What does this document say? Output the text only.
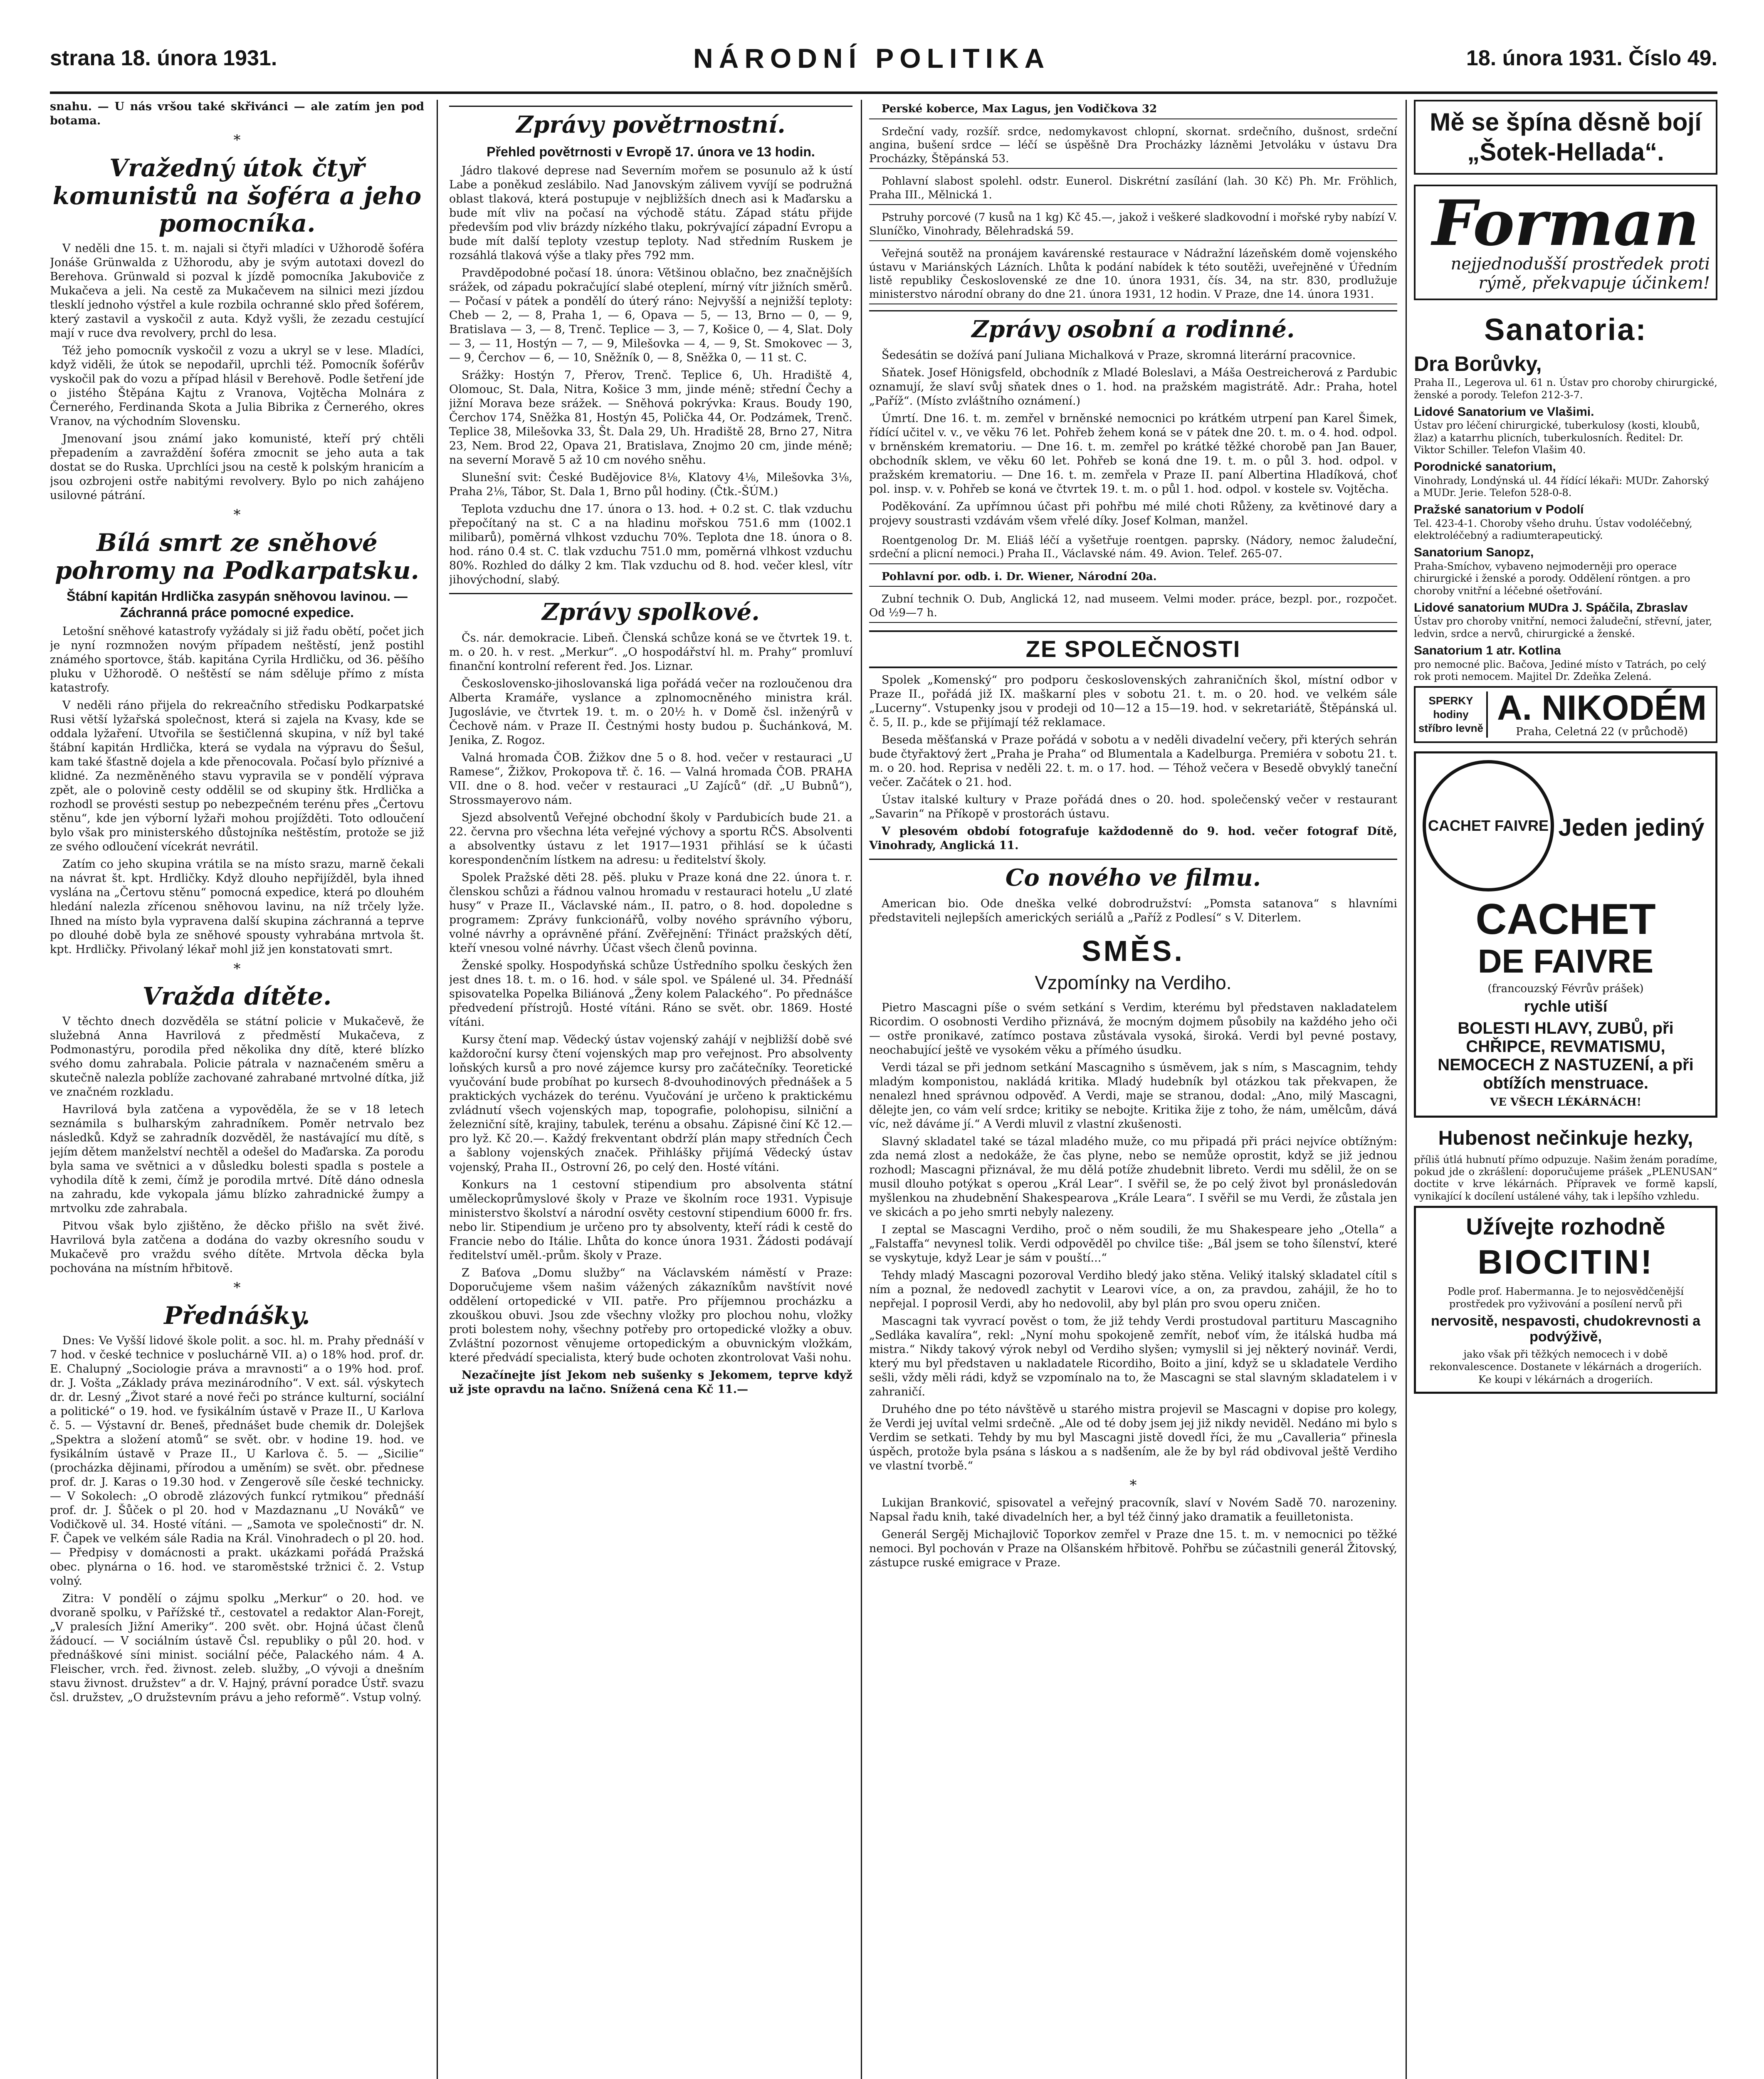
strana 18. února 1931.	NÁRODNÍ POLITIKA	18. února 1931. Číslo 49.

snahu. — U nás vršou také skřivánci — ale zatím jen pod botama.

*
Vražedný útok čtyř komunistů na šoféra a jeho pomocníka.

V neděli dne 15. t. m. najali si čtyři mladíci v Užhorodě šoféra Jonáše Grünwalda z Užhorodu, aby je svým autotaxi dovezl do Berehova. Grünwald si pozval k jízdě pomocníka Jakuboviče z Mukačeva a jeli. Na cestě za Mukačevem na silnici mezi jízdou tlesklí jednoho výstřel a kule rozbila ochranné sklo před šoférem, který zastavil a vyskočil z auta. Když vyšli, že zezadu cestující mají v ruce dva revolvery, prchl do lesa.

Též jeho pomocník vyskočil z vozu a ukryl se v lese. Mladíci, když viděli, že útok se nepodařil, uprchli též. Pomocník šoférův vyskočil pak do vozu a případ hlásil v Berehově. Podle šetření jde o jistého Štěpána Kajtu z Vranova, Vojtěcha Molnára z Černerého, Ferdinanda Skota a Julia Bibrika z Černerého, okres Vranov, na východním Slovensku.

Jmenovaní jsou známí jako komunisté, kteří prý chtěli přepadením a zavraždění šoféra zmocnit se jeho auta a tak dostat se do Ruska. Uprchlíci jsou na cestě k polským hranicím a jsou ozbrojeni ostře nabitými revolvery. Bylo po nich zahájeno usilovné pátrání.

*
Bílá smrt ze sněhové pohromy na Podkarpatsku.
Štábní kapitán Hrdlička zasypán sněhovou lavinou. — Záchranná práce pomocné expedice.

Letošní sněhové katastrofy vyžádaly si již řadu obětí, počet jich je nyní rozmnožen novým případem neštěstí, jenž postihl známého sportovce, štáb. kapitána Cyrila Hrdličku, od 36. pěšího pluku v Užhorodě. O neštěstí se nám sděluje přímo z místa katastrofy.

V neděli ráno přijela do rekreačního středisku Podkarpatské Rusi větší lyžařská společnost, která si zajela na Kvasy, kde se oddala lyžaření. Utvořila se šestičlenná skupina, v níž byl také štábní kapitán Hrdlička, která se vydala na výpravu do Šešul, kam také šťastně dojela a kde přenocovala. Počasí bylo příznivé a klidné. Za nezměněného stavu vypravila se v pondělí výprava zpět, ale o polovině cesty oddělil se od skupiny štk. Hrdlička a rozhodl se provésti sestup po nebezpečném terénu přes „Čertovu stěnu“, kde jen výborní lyžaři mohou projížděti. Toto odloučení bylo však pro ministerského důstojníka neštěstím, protože se již ze svého odloučení vícekrát nevrátil.

Zatím co jeho skupina vrátila se na místo srazu, marně čekali na návrat št. kpt. Hrdličky. Když dlouho nepřijížděl, byla ihned vyslána na „Čertovu stěnu“ pomocná expedice, která po dlouhém hledání nalezla zřícenou sněhovou lavinu, na níž trčely lyže. Ihned na místo byla vypravena další skupina záchranná a teprve po dlouhé době byla ze sněhové spousty vyhrabána mrtvola št. kpt. Hrdličky. Přivolaný lékař mohl již jen konstatovati smrt.

*
Vražda dítěte.

V těchto dnech dozvěděla se státní policie v Mukačevě, že služebná Anna Havrilová z předměstí Mukačeva, z Podmonastýru, porodila před několika dny dítě, které blízko svého domu zahrabala. Policie pátrala v naznačeném směru a skutečně nalezla poblíže zachované zahrabané mrtvolné dítka, již ve značném rozkladu.

Havrilová byla zatčena a vypověděla, že se v 18 letech seznámila s bulharským zahradníkem. Poměr netrvalo bez následků. Když se zahradník dozvěděl, že nastávající mu dítě, s jejím dětem manželství nechtěl a odešel do Maďarska. Za porodu byla sama ve světnici a v důsledku bolesti spadla s postele a vyhodila dítě k zemi, čímž je porodila mrtvé. Dítě dáno odnesla na zahradu, kde vykopala jámu blízko zahradnické žumpy a mrtvolku zde zahrabala.

Pitvou však bylo zjištěno, že děcko přišlo na svět živé. Havrilová byla zatčena a dodána do vazby okresního soudu v Mukačevě pro vraždu svého dítěte. Mrtvola děcka byla pochována na místním hřbitově.

*
Přednášky.

Dnes: Ve Vyšší lidové škole polit. a soc. hl. m. Prahy přednáší v 7 hod. v české technice v posluchárně VII. a) o 18% hod. prof. dr. E. Chalupný „Sociologie práva a mravnosti“ a o 19% hod. prof. dr. J. Vošta „Základy práva mezinárodního“. V ext. sál. výskytech dr. dr. Lesný „Život staré a nové řeči po stránce kulturní, sociální a politické“ o 19. hod. ve fysikálním ústavě v Praze II., U Karlova č. 5. — Výstavní dr. Beneš, přednášet bude chemik dr. Dolejšek „Spektra a složení atomů“ se svět. obr. v hodine 19. hod. ve fysikálním ústavě v Praze II., U Karlova č. 5. — „Sicilie“ (procházka dějinami, přírodou a uměním) se svět. obr. přednese prof. dr. J. Karas o 19.30 hod. v Zengerově síle české technicky. — V Sokolech: „O obrodě zlázových funkcí rytmikou“ přednáší prof. dr. J. Šůček o pl 20. hod v Mazdaznanu „U Nováků“ ve Vodičkově ul. 34. Hosté vítáni. — „Samota ve společnosti“ dr. N. F. Čapek ve velkém sále Radia na Král. Vinohradech o pl 20. hod. — Předpisy v domácnosti a prakt. ukázkami pořádá Pražská obec. plynárna o 16. hod. ve staroměstské tržnici č. 2. Vstup volný.

Zitra: V pondělí o zájmu spolku „Merkur“ o 20. hod. ve dvoraně spolku, v Pařížské tř., cestovatel a redaktor Alan-Forejt, „V pralesích Jižní Ameriky“. 200 svět. obr. Hojná účast členů žádoucí. — V sociálním ústavě Čsl. republiky o půl 20. hod. v přednáškové síni minist. sociální péče, Palackého nám. 4 A. Fleischer, vrch. řed. živnost. zeleb. služby, „O vývoji a dnešním stavu živnost. družstev“ a dr. V. Hajný, právní poradce Ústř. svazu čsl. družstev, „O družstevním právu a jeho reformě“. Vstup volný.

Zprávy povětrnostní.
Přehled povětrnosti v Evropě 17. února ve 13 hodin.

Jádro tlakové deprese nad Severním mořem se posunulo až k ústí Labe a poněkud zeslábilo. Nad Janovským zálivem vyvíjí se podružná oblast tlaková, která postupuje v nejbližších dnech asi k Maďarsku a bude mít vliv na počasí na východě státu. Západ státu přijde především pod vliv brázdy nízkého tlaku, pokrývající západní Evropu a bude mít další teploty vzestup teploty. Nad středním Ruskem je rozsáhlá tlaková výše a tlaky přes 792 mm.

Pravděpodobné počasí 18. února: Většinou oblačno, bez značnějších srážek, od západu pokračující slabé oteplení, mírný vítr jižních směrů. — Počasí v pátek a pondělí do úterý ráno: Nejvyšší a nejnižší teploty: Cheb — 2, — 8, Praha 1, — 6, Opava — 5, — 13, Brno — 0, — 9, Bratislava — 3, — 8, Trenč. Teplice — 3, — 7, Košice 0, — 4, Slat. Doly — 3, — 11, Hostýn — 7, — 9, Milešovka — 4, — 9, St. Smokovec — 3, — 9, Čerchov — 6, — 10, Sněžník 0, — 8, Sněžka 0, — 11 st. C.

Srážky: Hostýn 7, Přerov, Trenč. Teplice 6, Uh. Hradiště 4, Olomouc, St. Dala, Nitra, Košice 3 mm, jinde méně; střední Čechy a jižní Morava beze srážek. — Sněhová pokrývka: Kraus. Boudy 190, Čerchov 174, Sněžka 81, Hostýn 45, Polička 44, Or. Podzámek, Trenč. Teplice 38, Milešovka 33, Št. Dala 29, Uh. Hradiště 28, Brno 27, Nitra 23, Nem. Brod 22, Opava 21, Bratislava, Znojmo 20 cm, jinde méně; na severní Moravě 5 až 10 cm nového sněhu.

Slunešní svit: České Budějovice 8⅛, Klatovy 4⅛, Milešovka 3⅛, Praha 2⅛, Tábor, St. Dala 1, Brno půl hodiny. (Čtk.-ŠÚM.)

Teplota vzduchu dne 17. února o 13. hod. + 0.2 st. C. tlak vzduchu přepočítaný na st. C a na hladinu mořskou 751.6 mm (1002.1 milibarů), poměrná vlhkost vzduchu 70%. Teplota dne 18. února o 8. hod. ráno 0.4 st. C. tlak vzduchu 751.0 mm, poměrná vlhkost vzduchu 80%. Rozhled do dálky 2 km. Tlak vzduchu od 8. hod. večer klesl, vítr jihovýchodní, slabý.

Zprávy spolkové.

Čs. nár. demokracie. Libeň. Členská schůze koná se ve čtvrtek 19. t. m. o 20. h. v rest. „Merkur“. „O hospodářství hl. m. Prahy“ promluví finanční kontrolní referent řed. Jos. Liznar.

Československo-jihoslovanská liga pořádá večer na rozloučenou dra Alberta Kramáře, vyslance a zplnomocněného ministra král. Jugoslávie, ve čtvrtek 19. t. m. o 20½ h. v Domě čsl. inženýrů v Čechově nám. v Praze II. Čestnými hosty budou p. Šuchánková, M. Jenika, Z. Rogoz.

Valná hromada ČOB. Žižkov dne 5 o 8. hod. večer v restauraci „U Ramese“, Žižkov, Prokopova tř. č. 16. — Valná hromada ČOB. PRAHA VII. dne o 8. hod. večer v restauraci „U Zajíců“ (dř. „U Bubnů“), Strossmayerovo nám.

Sjezd absolventů Veřejné obchodní školy v Pardubicích bude 21. a 22. června pro všechna léta veřejné výchovy a sportu RČS. Absolventi a absolventky ústavu z let 1917—1931 přihlásí se k účasti korespondenčním lístkem na adresu: u ředitelství školy.

Spolek Pražské děti 28. pěš. pluku v Praze koná dne 22. února t. r. členskou schůzi a řádnou valnou hromadu v restauraci hotelu „U zlaté husy“ v Praze II., Václavské nám., II. patro, o 8. hod. dopoledne s programem: Zprávy funkcionářů, volby nového správního výboru, volné návrhy a oprávněné přání. Zvěřejnění: Třináct pražských dětí, kteří vnesou volné návrhy. Účast všech členů povinna.

Ženské spolky. Hospodyňská schůze Ústředního spolku českých žen jest dnes 18. t. m. o 16. hod. v sále spol. ve Spálené ul. 34. Přednáší spisovatelka Popelka Biliánová „Ženy kolem Palackého“. Po přednášce předvedení přístrojů. Hosté vítáni. Ráno se svět. obr. 1869. Hosté vítáni.

Kursy čtení map. Vědecký ústav vojenský zahájí v nejbližší době své každoroční kursy čtení vojenských map pro veřejnost. Pro absolventy loňských kursů a pro nové zájemce kursy pro začátečníky. Teoretické vyučování bude probíhat po kursech 8-dvouhodinových přednášek a 5 praktických vycházek do terénu. Vyučování je určeno k praktickému zvládnutí všech vojenských map, topografie, polohopisu, silniční a železniční sítě, krajiny, tabulek, terénu a obsahu. Zápisné činí Kč 12.— pro lyž. Kč 20.—. Každý frekventant obdrží plán mapy středních Čech a šablony vojenských značek. Přihlášky přijímá Vědecký ústav vojenský, Praha II., Ostrovní 26, po celý den. Hosté vítáni.

Konkurs na 1 cestovní stipendium pro absolventa státní uměleckoprůmyslové školy v Praze ve školním roce 1931. Vypisuje ministerstvo školství a národní osvěty cestovní stipendium 6000 fr. frs. nebo lir. Stipendium je určeno pro ty absolventy, kteří rádi k cestě do Francie nebo do Itálie. Lhůta do konce února 1931. Žádosti podávají ředitelství uměl.-prům. školy v Praze.

Z Baťova „Domu služby“ na Václavském náměstí v Praze: Doporučujeme všem našim vážených zákazníkům navštívit nové oddělení ortopedické v VII. patře. Pro příjemnou procházku a zkouškou obuvi. Jsou zde všechny vložky pro plochou nohu, vložky proti bolestem nohy, všechny potřeby pro ortopedické vložky a obuv. Zvláštní pozornost věnujeme ortopedickým a obuvnickým vložkám, které předvádí specialista, který bude ochoten zkontrolovat Vaši nohu.

Nezačínejte jíst Jekom neb sušenky s Jekomem, teprve když už jste opravdu na lačno. Snížená cena Kč 11.—

Perské koberce, Max Lagus, jen Vodičkova 32

Srdeční vady, rozšíř. srdce, nedomykavost chlopní, skornat. srdečního, dušnost, srdeční angina, bušení srdce — léčí se úspěšně Dra Procházky lázněmi Jetvoláku v ústavu Dra Procházky, Štěpánská 53.

Pohlavní slabost spolehl. odstr. Eunerol. Diskrétní zasílání (lah. 30 Kč) Ph. Mr. Fröhlich, Praha III., Mělnická 1.

Pstruhy porcové (7 kusů na 1 kg) Kč 45.—, jakož i veškeré sladkovodní i mořské ryby nabízí V. Sluníčko, Vinohrady, Bělehradská 59.

Veřejná soutěž na pronájem kavárenské restaurace v Nádražní lázeňském domě vojenského ústavu v Mariánských Lázních. Lhůta k podání nabídek k této soutěži, uveřejněné v Úředním listě republiky Československé ze dne 10. února 1931, čís. 34, na str. 830, prodlužuje ministerstvo národní obrany do dne 21. února 1931, 12 hodin. V Praze, dne 14. února 1931.

Zprávy osobní a rodinné.

Šedesátin se dožívá paní Juliana Michalková v Praze, skromná literární pracovnice.

Sňatek. Josef Hönigsfeld, obchodník z Mladé Boleslavi, a Máša Oestreicherová z Pardubic oznamují, že slaví svůj sňatek dnes o 1. hod. na pražském magistrátě. Adr.: Praha, hotel „Paříž“. (Místo zvláštního oznámení.)

Úmrtí. Dne 16. t. m. zemřel v brněnské nemocnici po krátkém utrpení pan Karel Šimek, řídící učitel v. v., ve věku 76 let. Pohřeb žehem koná se v pátek dne 20. t. m. o 4. hod. odpol. v brněnském krematoriu. — Dne 16. t. m. zemřel po krátké těžké chorobě pan Jan Bauer, obchodník sklem, ve věku 60 let. Pohřeb se koná dne 19. t. m. o půl 3. hod. odpol. v pražském krematoriu. — Dne 16. t. m. zemřela v Praze II. paní Albertina Hladíková, choť pol. insp. v. v. Pohřeb se koná ve čtvrtek 19. t. m. o půl 1. hod. odpol. v kostele sv. Vojtěcha.

Poděkování. Za upřímnou účast při pohřbu mé milé choti Růženy, za květinové dary a projevy soustrasti vzdávám všem vřelé díky. Josef Kolman, manžel.

Roentgenolog Dr. M. Eliáš léčí a vyšetřuje roentgen. paprsky. (Nádory, nemoc žaludeční, srdeční a plicní nemoci.) Praha II., Václavské nám. 49. Avion. Telef. 265-07.

Pohlavní por. odb. i. Dr. Wiener, Národní 20a.

Zubní technik O. Dub, Anglická 12, nad museem. Velmi moder. práce, bezpl. por., rozpočet. Od ½9—7 h.

ZE SPOLEČNOSTI

Spolek „Komenský“ pro podporu československých zahraničních škol, místní odbor v Praze II., pořádá již IX. maškarní ples v sobotu 21. t. m. o 20. hod. ve velkém sále „Lucerny“. Vstupenky jsou v prodeji od 10—12 a 15—19. hod. v sekretariátě, Štěpánská ul. č. 5, II. p., kde se přijímají též reklamace.

Beseda měšťanská v Praze pořádá v sobotu a v neděli divadelní večery, při kterých sehrán bude čtyřaktový žert „Praha je Praha“ od Blumentala a Kadelburga. Premiéra v sobotu 21. t. m. o 20. hod. Reprisa v neděli 22. t. m. o 17. hod. — Téhož večera v Besedě obvyklý taneční večer. Začátek o 21. hod.

Ústav italské kultury v Praze pořádá dnes o 20. hod. společenský večer v restaurant „Savarin“ na Příkopě v prostorách ústavu.

V plesovém období fotografuje každodenně do 9. hod. večer fotograf Dítě, Vinohrady, Anglická 11.

Co nového ve filmu.

American bio. Ode dneška velké dobrodružství: „Pomsta satanova“ s hlavními představiteli nejlepších amerických seriálů a „Paříž z Podlesí“ s V. Diterlem.

SMĚS.
Vzpomínky na Verdiho.

Pietro Mascagni píše o svém setkání s Verdim, kterému byl představen nakladatelem Ricordim. O osobnosti Verdiho přiznává, že mocným dojmem působily na každého jeho oči — ostře pronikavé, zatímco postava zůstávala vysoká, široká. Verdi byl pevné postavy, neochabující ještě ve vysokém věku a přímého úsudku.

Verdi tázal se při jednom setkání Mascagniho s úsměvem, jak s ním, s Mascagnim, tehdy mladým komponistou, nakládá kritika. Mladý hudebník byl otázkou tak překvapen, že nenalezl hned správnou odpověď. A Verdi, maje se stranou, dodal: „Ano, milý Mascagni, dělejte jen, co vám velí srdce; kritiky se nebojte. Kritika žije z toho, že nám, umělcům, dává víc, než dáváme jí.“ A Verdi mluvil z vlastní zkušenosti.

Slavný skladatel také se tázal mladého muže, co mu připadá při práci nejvíce obtížným: zda nemá zlost a nedokáže, že čas plyne, nebo se nemůže oprostit, když se již jednou rozhodl; Mascagni přiznával, že mu dělá potíže zhudebnit libreto. Verdi mu sdělil, že on se musil dlouho potýkat s operou „Král Lear“. I svěřil se, že po celý život byl pronásledován myšlenkou na zhudebnění Shakespearova „Krále Leara“. I svěřil se mu Verdi, že zůstala jen ve skicách a po jeho smrti nebyly nalezeny.

I zeptal se Mascagni Verdiho, proč o něm soudili, že mu Shakespeare jeho „Otella“ a „Falstaffa“ nevynesl tolik. Verdi odpověděl po chvilce tiše: „Bál jsem se toho šílenství, které se vyskytuje, když Lear je sám v pouští...“

Tehdy mladý Mascagni pozoroval Verdiho bledý jako stěna. Veliký italský skladatel cítil s ním a poznal, že nedovedl zachytit v Learovi více, a on, za pravdou, zahájil, že ho to nepřejal. I poprosil Verdi, aby ho nedovolil, aby byl plán pro svou operu zničen.

Mascagni tak vyvrací pověst o tom, že již tehdy Verdi prostudoval partituru Mascagniho „Sedláka kavalíra“, rekl: „Nyní mohu spokojeně zemřít, neboť vím, že itálská hudba má mistra.“ Nikdy takový výrok nebyl od Verdiho slyšen; vymyslil si jej některý novinář. Verdi, který mu byl představen u nakladatele Ricordiho, Boito a jiní, když se u skladatele Verdiho sešli, vždy měli rádi, když se vzpomínalo na to, že Mascagni se stal slavným skladatelem i v zahraničí.

Druhého dne po této návštěvě u starého mistra projevil se Mascagni v dopise pro kolegy, že Verdi jej uvítal velmi srdečně. „Ale od té doby jsem jej již nikdy neviděl. Nedáno mi bylo s Verdim se setkati. Tehdy by mu byl Mascagni jistě dovedl říci, že mu „Cavalleria“ přinesla úspěch, protože byla psána s láskou a s nadšením, ale že by byl rád obdivoval ještě Verdiho ve vlastní tvorbě.“

*

Lukijan Branković, spisovatel a veřejný pracovník, slaví v Novém Sadě 70. narozeniny. Napsal řadu knih, také divadelních her, a byl též činný jako dramatik a feuilletonista.

Generál Sergěj Michajlovič Toporkov zemřel v Praze dne 15. t. m. v nemocnici po těžké nemoci. Byl pochován v Praze na Olšanském hřbitově. Pohřbu se zúčastnili generál Žitovský, zástupce ruské emigrace v Praze.

Mě se špína děsně bojí „Šotek-Hellada“.
Forman
nejjednodušší prostředek proti rýmě, překvapuje účinkem!
Sanatoria:
Dra Borůvky,
Praha II., Legerova ul. 61 n. Ústav pro choroby chirurgické, ženské a porody. Telefon 212-3-7.
Lidové Sanatorium ve Vlašimi.
Ústav pro léčení chirurgické, tuberkulosy (kosti, kloubů, žlaz) a katarrhu plicních, tuberkulosních. Ředitel: Dr. Viktor Schiller. Telefon Vlašim 40.
Porodnické sanatorium,
Vinohrady, Londýnská ul. 44 řídící lékaři: MUDr. Zahorský a MUDr. Jerie. Telefon 528-0-8.
Pražské sanatorium v Podolí
Tel. 423-4-1. Choroby všeho druhu. Ústav vodoléčebný, elektroléčebný a radiumterapeutický.
Sanatorium Sanopz,
Praha-Smíchov, vybaveno nejmoderněji pro operace chirurgické i ženské a porody. Oddělení röntgen. a pro choroby vnitřní a léčebné ošetřování.
Lidové sanatorium MUDra J. Spáčila, Zbraslav
Ústav pro choroby vnitřní, nemoci žaludeční, střevní, jater, ledvin, srdce a nervů, chirurgické a ženské.
Sanatorium 1 atr. Kotlina
pro nemocné plic. Bačova, Jediné místo v Tatrách, po celý rok proti nemocem. Majitel Dr. Zdeňka Zelená.
SPERKY hodiny stříbro levně
A. NIKODÉM
Praha, Celetná 22 (v průchodě)
CACHET FAIVRE Jeden jediný
CACHET
DE FAIVRE
(francouzský Févrův prášek)
rychle utiší
BOLESTI HLAVY, ZUBŮ, při CHŘIPCE, REVMATISMU, NEMOCECH Z NASTUZENÍ, a při obtížích menstruace.
VE VŠECH LÉKÁRNÁCH!
Hubenost nečinkuje hezky,

příliš útlá hubnutí přímo odpuzuje. Našim ženám poradíme, pokud jde o zkrášlení: doporučujeme prášek „PLENUSAN“ doctite v krve lékárnách. Přípravek ve formě kapslí, vynikající k docílení ustálené váhy, tak i lepšího vzhledu.

Užívejte rozhodně
BIOCITIN!
Podle prof. Habermanna. Je to nejosvědčenější prostředek pro vyživování a posílení nervů při
nervositě, nespavosti, chudokrevnosti a podvýživě,
jako však při těžkých nemocech i v době rekonvalescence. Dostanete v lékárnách a drogeriích. Ke koupi v lékárnách a drogeriích.
